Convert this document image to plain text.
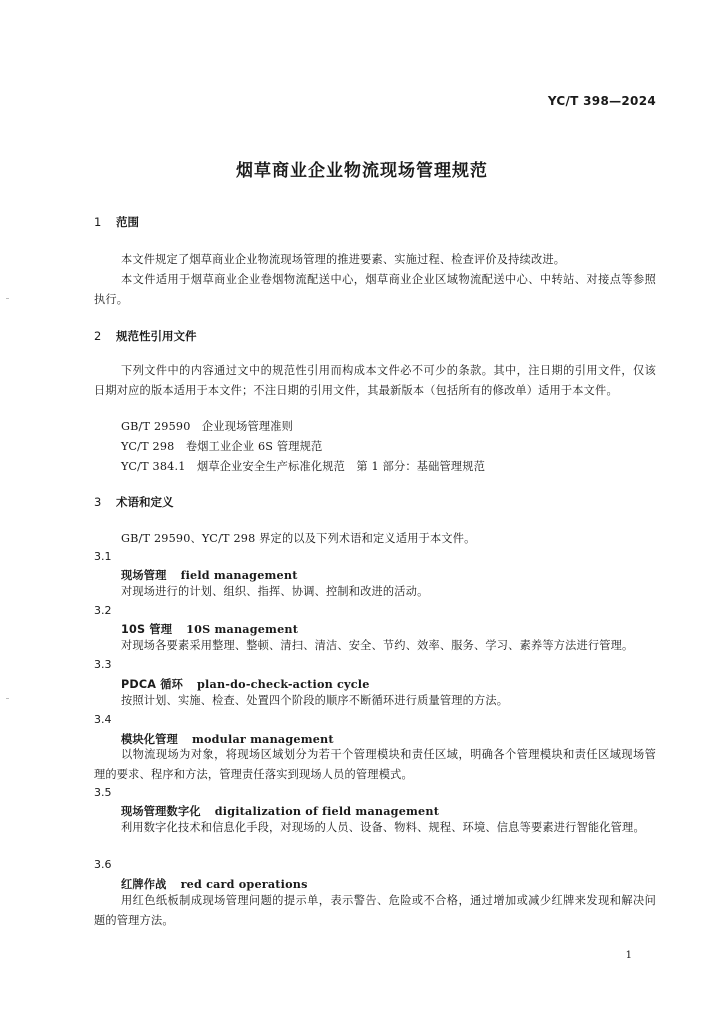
YC/T 398—2024
烟草商业企业物流现场管理规范
1 范围
本文件规定了烟草商业企业物流现场管理的推进要素、实施过程、检查评价及持续改进。
本文件适用于烟草商业企业卷烟物流配送中心，烟草商业企业区域物流配送中心、中转站、对接点等参照执行。
2 规范性引用文件
下列文件中的内容通过文中的规范性引用而构成本文件必不可少的条款。其中，注日期的引用文件，仅该日期对应的版本适用于本文件；不注日期的引用文件，其最新版本（包括所有的修改单）适用于本文件。
GB/T 29590　企业现场管理准则
YC/T 298　卷烟工业企业 6S 管理规范
YC/T 384.1　烟草企业安全生产标准化规范　第 1 部分：基础管理规范
3 术语和定义
GB/T 29590、YC/T 298 界定的以及下列术语和定义适用于本文件。
3.1
现场管理 field management
对现场进行的计划、组织、指挥、协调、控制和改进的活动。
3.2
10S 管理 10S management
对现场各要素采用整理、整顿、清扫、清洁、安全、节约、效率、服务、学习、素养等方法进行管理。
3.3
PDCA 循环 plan-do-check-action cycle
按照计划、实施、检查、处置四个阶段的顺序不断循环进行质量管理的方法。
3.4
模块化管理 modular management
以物流现场为对象，将现场区域划分为若干个管理模块和责任区域，明确各个管理模块和责任区域现场管理的要求、程序和方法，管理责任落实到现场人员的管理模式。
3.5
现场管理数字化 digitalization of field management
利用数字化技术和信息化手段，对现场的人员、设备、物料、规程、环境、信息等要素进行智能化管理。
3.6
红牌作战 red card operations
用红色纸板制成现场管理问题的提示单，表示警告、危险或不合格，通过增加或减少红牌来发现和解决问题的管理方法。
1
